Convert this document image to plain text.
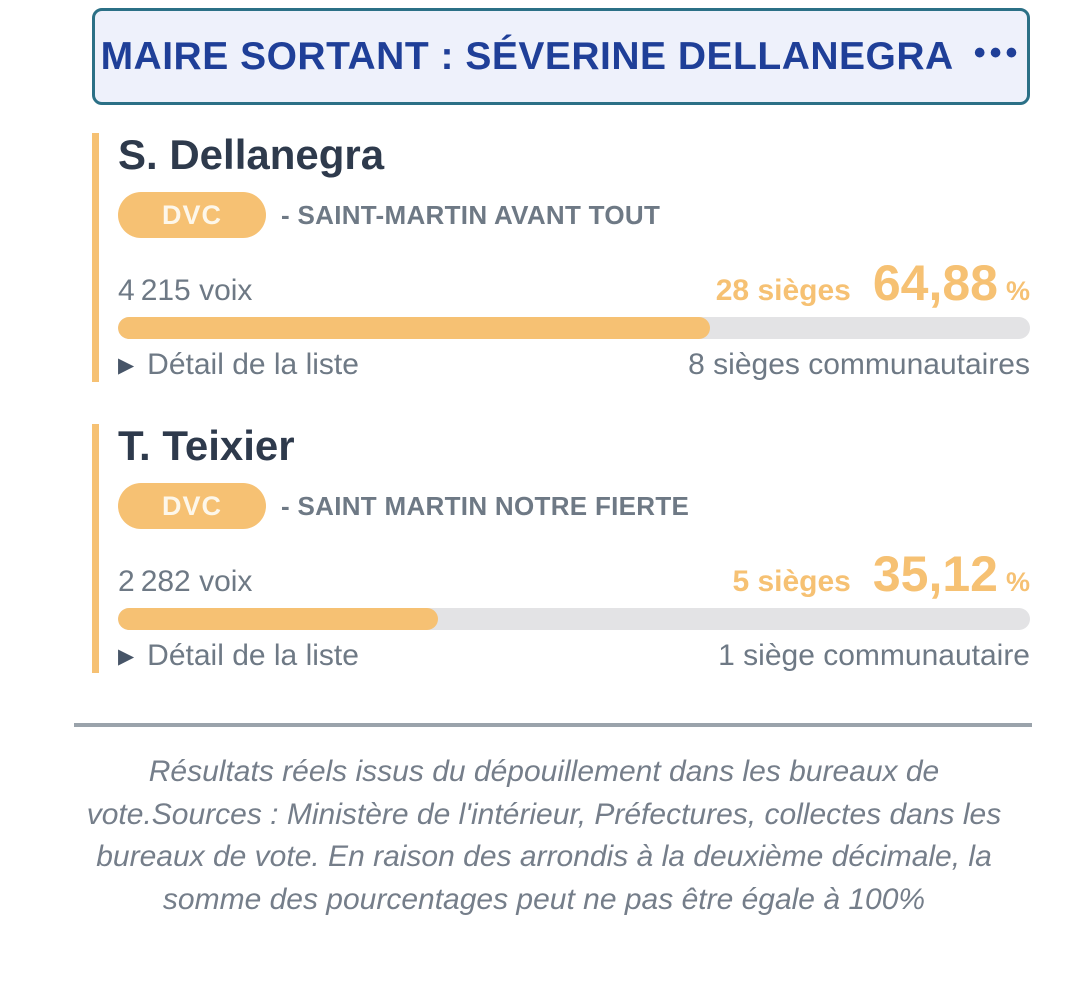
MAIRE SORTANT : SÉVERINE DELLANEGRA •••
S. Dellanegra
DVC	- SAINT-MARTIN AVANT TOUT
4 215 voix	28 sièges 64,88 %
▶ Détail de la liste	8 sièges communautaires
T. Teixier
DVC	- SAINT MARTIN NOTRE FIERTE
2 282 voix	5 sièges 35,12 %
▶ Détail de la liste	1 siège communautaire

Résultats réels issus du dépouillement dans les bureaux de vote.Sources : Ministère de l'intérieur, Préfectures, collectes dans les bureaux de vote. En raison des arrondis à la deuxième décimale, la somme des pourcentages peut ne pas être égale à 100%
